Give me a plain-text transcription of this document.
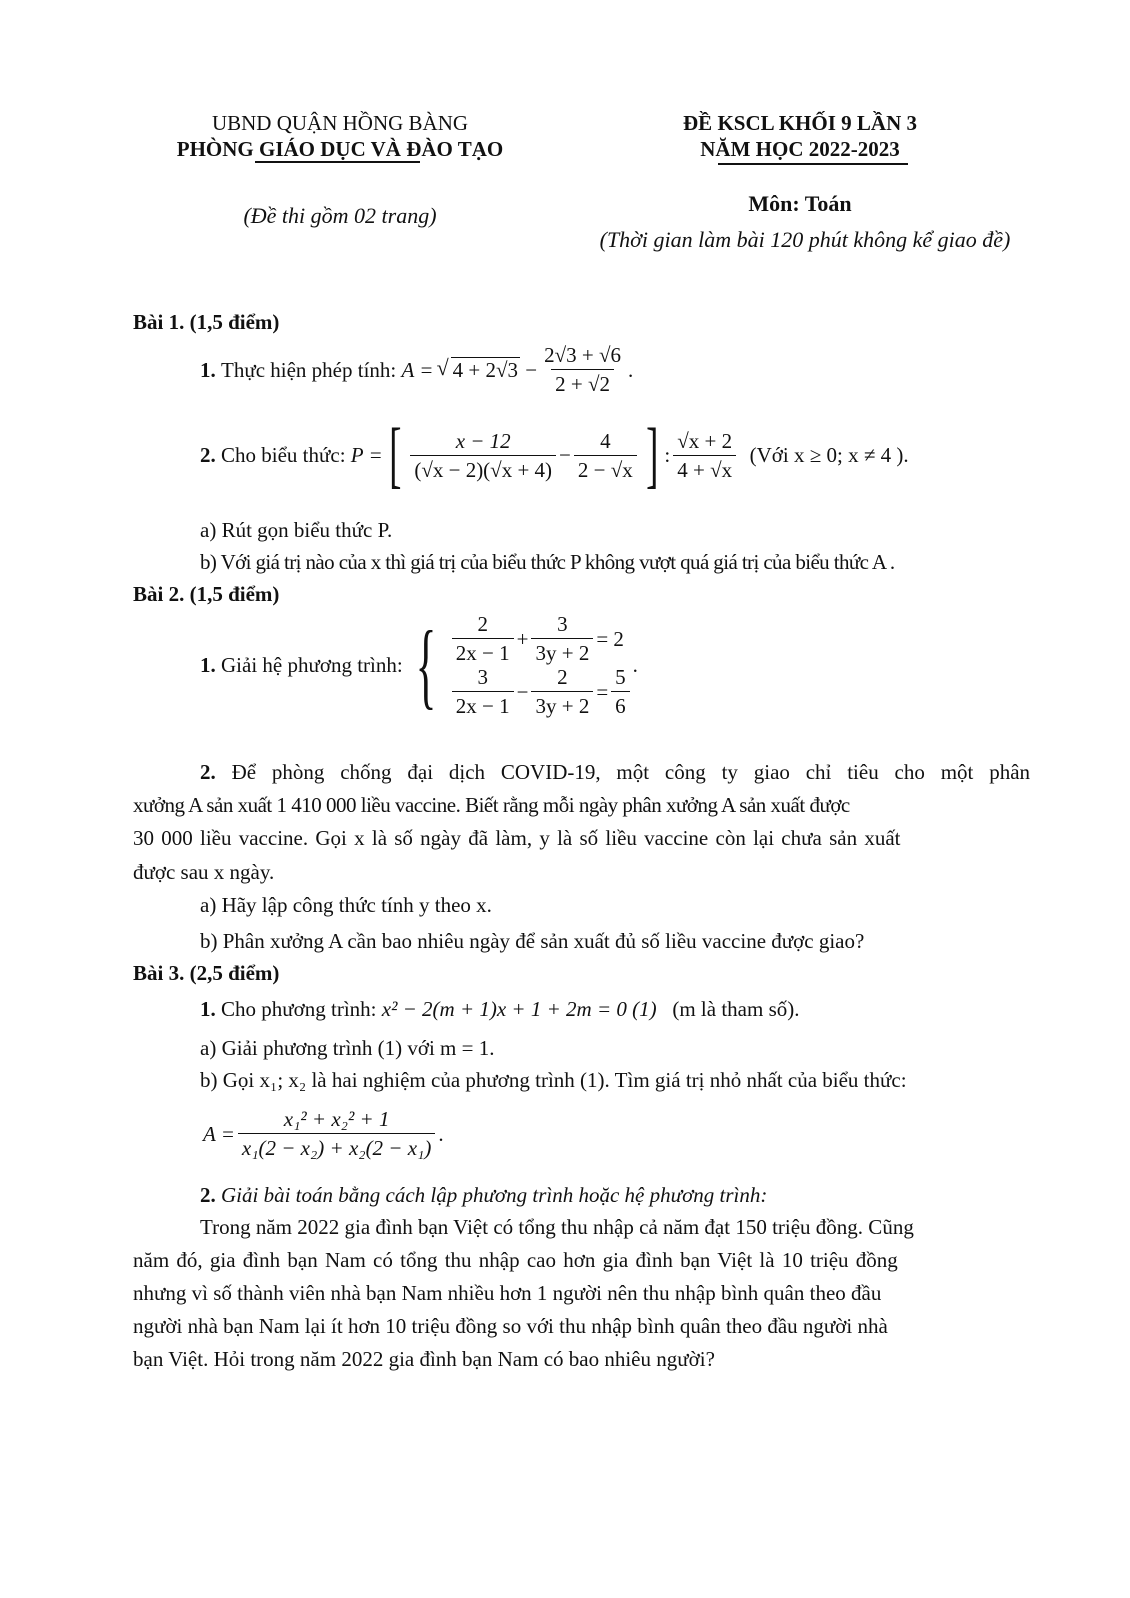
UBND QUẬN HỒNG BÀNG
PHÒNG GIÁO DỤC VÀ ĐÀO TẠO
(Đề thi gồm 02 trang)
ĐỀ KSCL KHỐI 9 LẦN 3
NĂM HỌC 2022-2023
Môn: Toán
(Thời gian làm bài 120 phút không kể giao đề)
Bài 1. (1,5 điểm)
1.
Thực hiện phép tính:
A =
√ 4 + 2√3
− $\frac{2√3 + √6}{2 + √2}$ .
2.
Cho biểu thức:
P = [ $\frac{x - 12}{(√x - 2)(√x + 4)} - \frac{4}{2 - √x}$ ] : $\frac{√x + 2}{4 + √x}$
(Với x ≥ 0; x ≠ 4 ).
a) Rút gọn biểu thức P.
b) Với giá trị nào của x thì giá trị của biểu thức P không vượt quá giá trị của biểu thức A .
Bài 2. (1,5 điểm)
1.
Giải hệ phương trình: { $\frac{2}{2x - 1} + \frac{3}{3y + 2} = 2$
$\frac{3}{2x - 1} - \frac{2}{3y + 2} = \frac{5}{6}$ .
2. Để phòng chống đại dịch COVID-19, một công ty giao chỉ tiêu cho một phân
xưởng A sản xuất 1 410 000 liều vaccine. Biết rằng mỗi ngày phân xưởng A sản xuất được
30 000 liều vaccine. Gọi x là số ngày đã làm, y là số liều vaccine còn lại chưa sản xuất
được sau x ngày.
a) Hãy lập công thức tính y theo x.
b) Phân xưởng A cần bao nhiêu ngày để sản xuất đủ số liều vaccine được giao?
Bài 3. (2,5 điểm)
1. Cho phương trình: x² − 2(m + 1)x + 1 + 2m = 0 (1) (m là tham số).
a) Giải phương trình (1) với m = 1.
b) Gọi x₁; x₂ là hai nghiệm của phương trình (1). Tìm giá trị nhỏ nhất của biểu thức:
$A = \frac{\text{x₁² + x₂² + 1}}{\text{x₁(2 − x₂) + x₂(2 − x₁)}}$ .
2. Giải bài toán bằng cách lập phương trình hoặc hệ phương trình:
Trong năm 2022 gia đình bạn Việt có tổng thu nhập cả năm đạt 150 triệu đồng. Cũng
năm đó, gia đình bạn Nam có tổng thu nhập cao hơn gia đình bạn Việt là 10 triệu đồng
nhưng vì số thành viên nhà bạn Nam nhiều hơn 1 người nên thu nhập bình quân theo đầu
người nhà bạn Nam lại ít hơn 10 triệu đồng so với thu nhập bình quân theo đầu người nhà
bạn Việt. Hỏi trong năm 2022 gia đình bạn Nam có bao nhiêu người?
